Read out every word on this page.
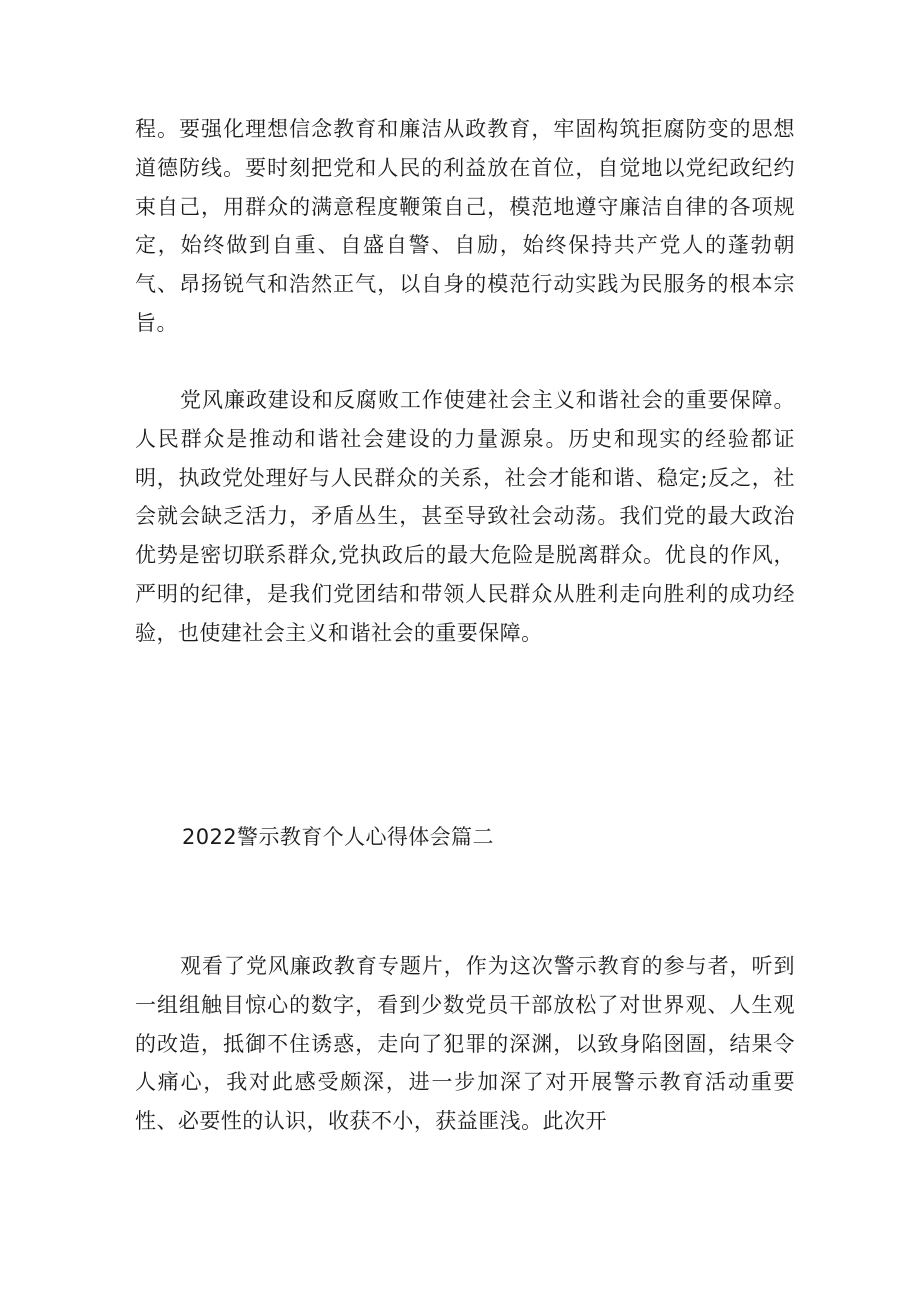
程。要强化理想信念教育和廉洁从政教育，牢固构筑拒腐防变的思想道德防线。要时刻把党和人民的利益放在首位，自觉地以党纪政纪约束自己，用群众的满意程度鞭策自己，模范地遵守廉洁自律的各项规定，始终做到自重、自盛自警、自励，始终保持共产党人的蓬勃朝气、昂扬锐气和浩然正气，以自身的模范行动实践为民服务的根本宗旨。

党风廉政建设和反腐败工作使建社会主义和谐社会的重要保障。人民群众是推动和谐社会建设的力量源泉。历史和现实的经验都证明，执政党处理好与人民群众的关系，社会才能和谐、稳定;反之，社会就会缺乏活力，矛盾丛生，甚至导致社会动荡。我们党的最大政治优势是密切联系群众,党执政后的最大危险是脱离群众。优良的作风，严明的纪律，是我们党团结和带领人民群众从胜利走向胜利的成功经验，也使建社会主义和谐社会的重要保障。

2022警示教育个人心得体会篇二

观看了党风廉政教育专题片，作为这次警示教育的参与者，听到一组组触目惊心的数字，看到少数党员干部放松了对世界观、人生观的改造，抵御不住诱惑，走向了犯罪的深渊，以致身陷囹圄，结果令人痛心，我对此感受颇深，进一步加深了对开展警示教育活动重要性、必要性的认识，收获不小，获益匪浅。此次开
